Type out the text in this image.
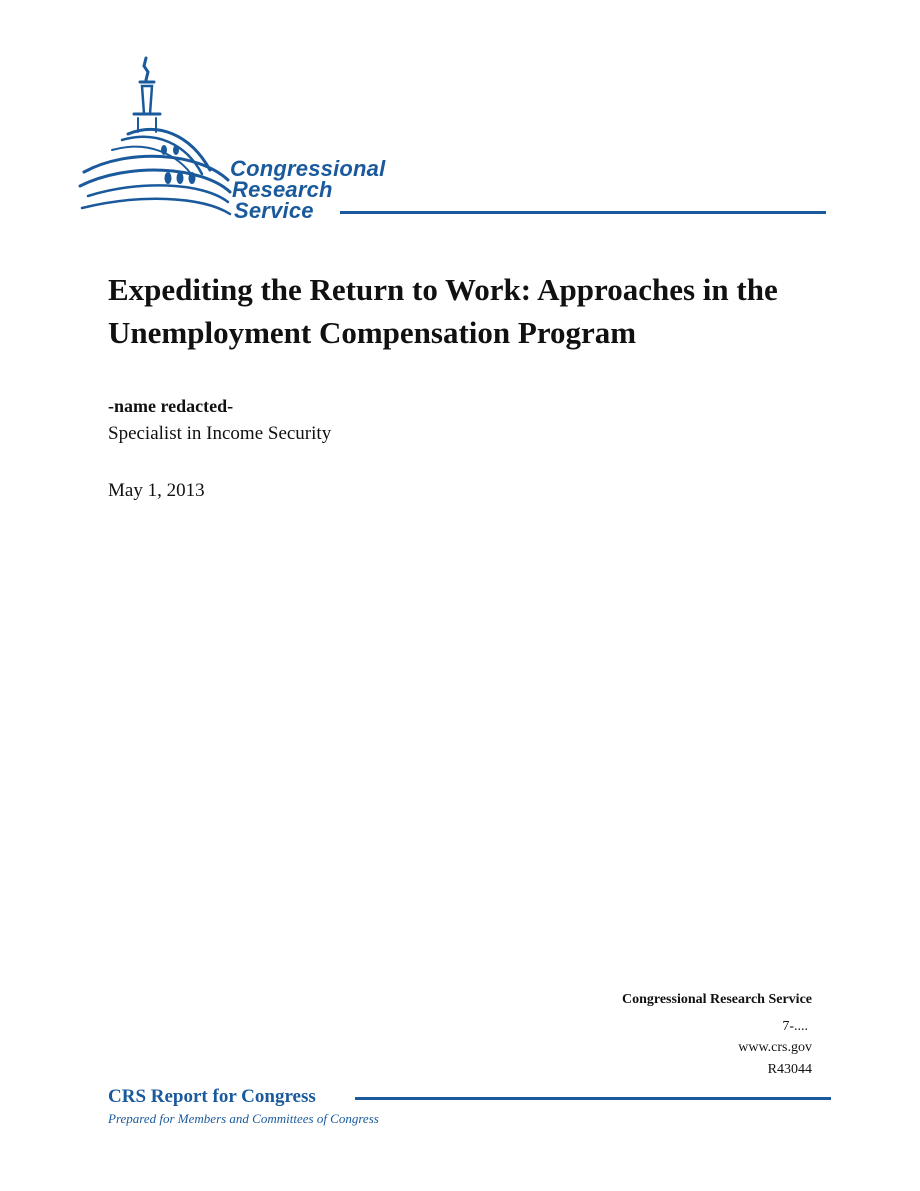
Congressional
Research
Service
Expediting the Return to Work: Approaches in the Unemployment Compensation Program
-name redacted-
Specialist in Income Security
May 1, 2013
Congressional Research Service
7-....
www.crs.gov
R43044
CRS Report for Congress
Prepared for Members and Committees of Congress
